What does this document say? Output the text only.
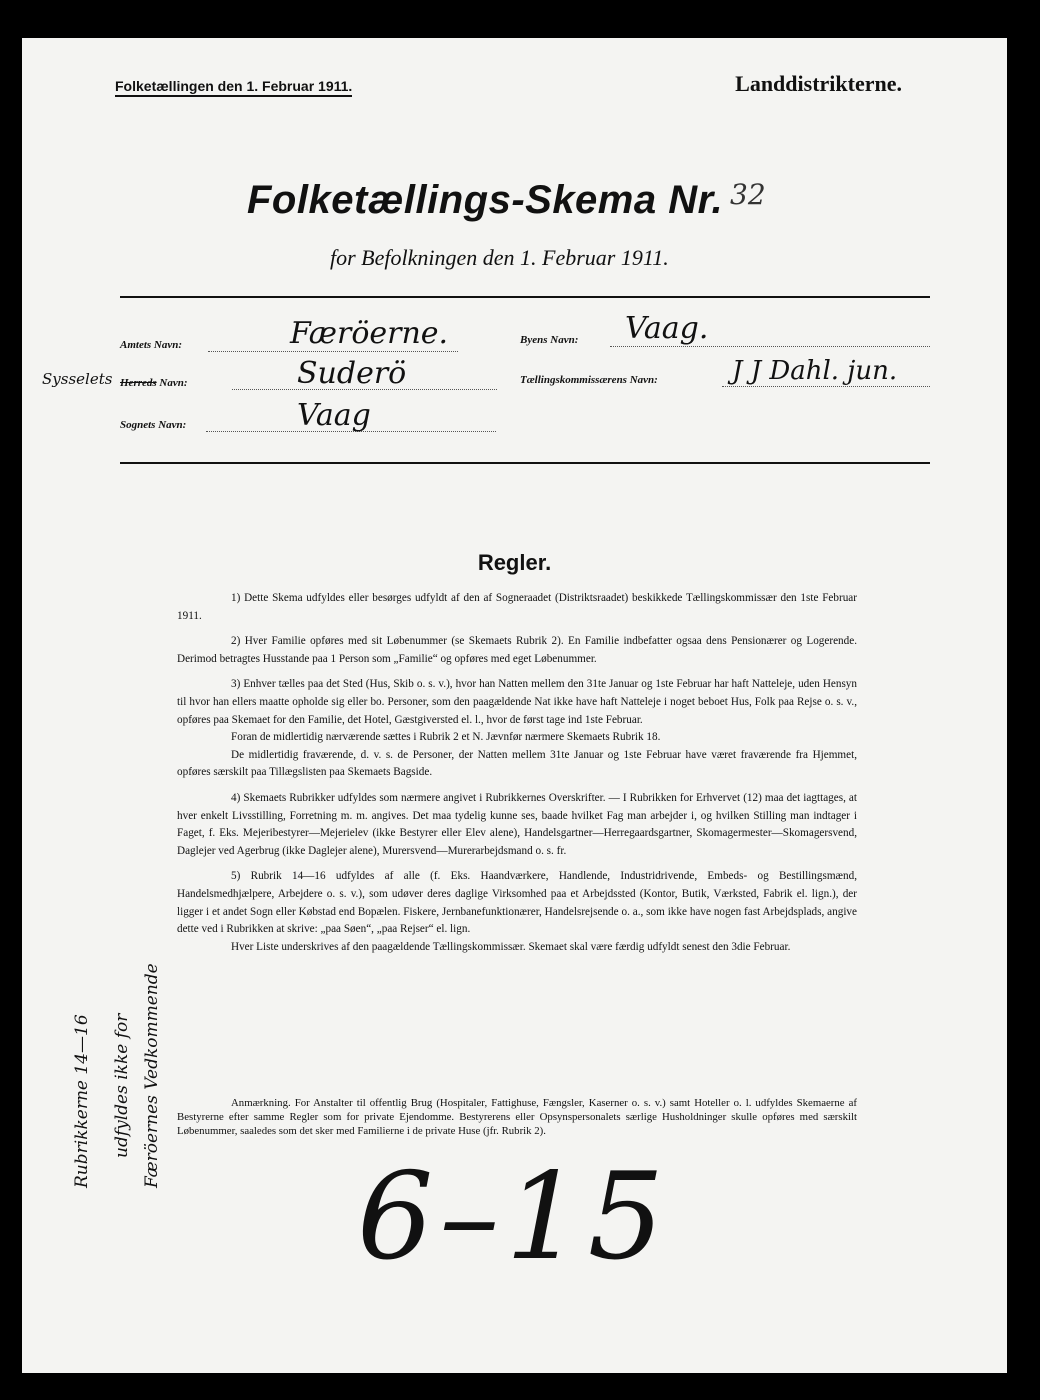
Folketællingen den 1. Februar 1911.	Landdistrikterne.
Folketællings-Skema Nr. 32
for Befolkningen den 1. Februar 1911.
Amtets Navn:	Færöerne.	Byens Navn: Vaag.
Sysselets Herreds Navn:	Suderö	Tællingskommissærens Navn:	J J Dahl. jun.
Sognets Navn:	Vaag
Regler.

1) Dette Skema udfyldes eller besørges udfyldt af den af Sogneraadet (Distriktsraadet) beskikkede Tællingskommissær den 1ste Februar 1911.

2) Hver Familie opføres med sit Løbenummer (se Skemaets Rubrik 2). En Familie indbefatter ogsaa dens Pensionærer og Logerende. Derimod betragtes Husstande paa 1 Person som „Familie“ og opføres med eget Løbenummer.

3) Enhver tælles paa det Sted (Hus, Skib o. s. v.), hvor han Natten mellem den 31te Januar og 1ste Februar har haft Natteleje, uden Hensyn til hvor han ellers maatte opholde sig eller bo. Personer, som den paagældende Nat ikke have haft Natteleje i noget beboet Hus, Folk paa Rejse o. s. v., opføres paa Skemaet for den Familie, det Hotel, Gæstgiversted el. l., hvor de først tage ind 1ste Februar.

Foran de midlertidig nærværende sættes i Rubrik 2 et N. Jævnfør nærmere Skemaets Rubrik 18.

De midlertidig fraværende, d. v. s. de Personer, der Natten mellem 31te Januar og 1ste Februar have været fraværende fra Hjemmet, opføres særskilt paa Tillægslisten paa Skemaets Bagside.

4) Skemaets Rubrikker udfyldes som nærmere angivet i Rubrikkernes Overskrifter. — I Rubrikken for Erhvervet (12) maa det iagttages, at hver enkelt Livsstilling, Forretning m. m. angives. Det maa tydelig kunne ses, baade hvilket Fag man arbejder i, og hvilken Stilling man indtager i Faget, f. Eks. Mejeribestyrer—Mejerielev (ikke Bestyrer eller Elev alene), Handelsgartner—Herregaardsgartner, Skomagermester—Skomagersvend, Daglejer ved Agerbrug (ikke Daglejer alene), Murersvend—Murerarbejdsmand o. s. fr.

5) Rubrik 14—16 udfyldes af alle (f. Eks. Haandværkere, Handlende, Industridrivende, Embeds- og Bestillingsmænd, Handelsmedhjælpere, Arbejdere o. s. v.), som udøver deres daglige Virksomhed paa et Arbejdssted (Kontor, Butik, Værksted, Fabrik el. lign.), der ligger i et andet Sogn eller Købstad end Bopælen. Fiskere, Jernbanefunktionærer, Handelsrejsende o. a., som ikke have nogen fast Arbejdsplads, angive dette ved i Rubrikken at skrive: „paa Søen“, „paa Rejser“ el. lign.

Hver Liste underskrives af den paagældende Tællingskommissær. Skemaet skal være færdig udfyldt senest den 3die Februar.

Anmærkning. For Anstalter til offentlig Brug (Hospitaler, Fattighuse, Fængsler, Kaserner o. s. v.) samt Hoteller o. l. udfyldes Skemaerne af Bestyrerne efter samme Regler som for private Ejendomme. Bestyrerens eller Opsynspersonalets særlige Husholdninger skulle opføres med særskilt Løbenummer, saaledes som det sker med Familierne i de private Huse (jfr. Rubrik 2).

Rubrikkerne 14—16 udfyldes ikke for Færöernes Vedkommende
6–15
